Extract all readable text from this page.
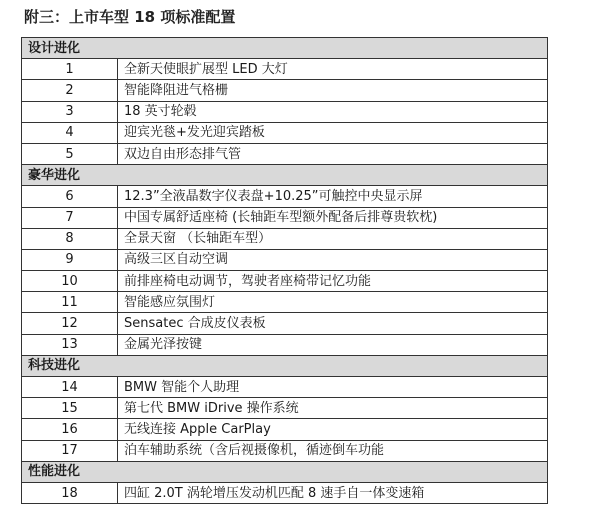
附三：上市车型 18 项标准配置
设计进化	
1	全新天使眼扩展型 LED 大灯
2	智能降阻进气格栅
3	18 英寸轮毂
4	迎宾光毯+发光迎宾踏板
5	双边自由形态排气管
豪华进化	
6	12.3”全液晶数字仪表盘+10.25”可触控中央显示屏
7	中国专属舒适座椅 (长轴距车型额外配备后排尊贵软枕)
8	全景天窗 （长轴距车型）
9	高级三区自动空调
10	前排座椅电动调节，驾驶者座椅带记忆功能
11	智能感应氛围灯
12	Sensatec 合成皮仪表板
13	金属光泽按键
科技进化	
14	BMW 智能个人助理
15	第七代 BMW iDrive 操作系统
16	无线连接 Apple CarPlay
17	泊车辅助系统（含后视摄像机，循迹倒车功能
性能进化	
18	四缸 2.0T 涡轮增压发动机匹配 8 速手自一体变速箱
